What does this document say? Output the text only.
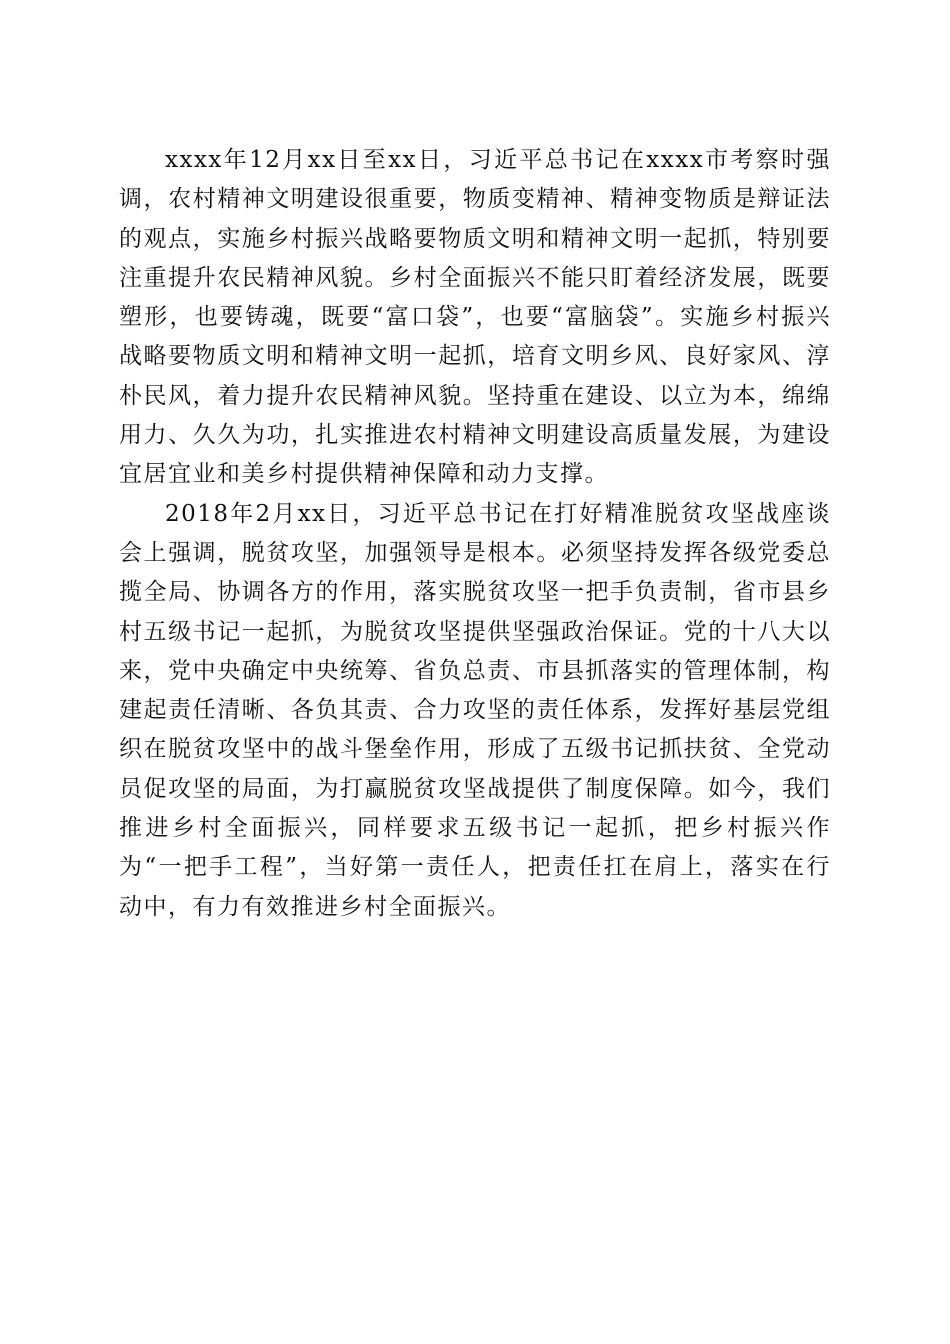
xxxx年12月xx日至xx日，习近平总书记在xxxx市考察时强调，农村精神文明建设很重要，物质变精神、精神变物质是辩证法的观点，实施乡村振兴战略要物质文明和精神文明一起抓，特别要注重提升农民精神风貌。乡村全面振兴不能只盯着经济发展，既要塑形，也要铸魂，既要“富口袋”，也要“富脑袋”。实施乡村振兴战略要物质文明和精神文明一起抓，培育文明乡风、良好家风、淳朴民风，着力提升农民精神风貌。坚持重在建设、以立为本，绵绵用力、久久为功，扎实推进农村精神文明建设高质量发展，为建设宜居宜业和美乡村提供精神保障和动力支撑。

2018年2月xx日，习近平总书记在打好精准脱贫攻坚战座谈会上强调，脱贫攻坚，加强领导是根本。必须坚持发挥各级党委总揽全局、协调各方的作用，落实脱贫攻坚一把手负责制，省市县乡村五级书记一起抓，为脱贫攻坚提供坚强政治保证。党的十八大以来，党中央确定中央统筹、省负总责、市县抓落实的管理体制，构建起责任清晰、各负其责、合力攻坚的责任体系，发挥好基层党组织在脱贫攻坚中的战斗堡垒作用，形成了五级书记抓扶贫、全党动员促攻坚的局面，为打赢脱贫攻坚战提供了制度保障。如今，我们推进乡村全面振兴，同样要求五级书记一起抓，把乡村振兴作为“一把手工程”，当好第一责任人，把责任扛在肩上，落实在行动中，有力有效推进乡村全面振兴。
